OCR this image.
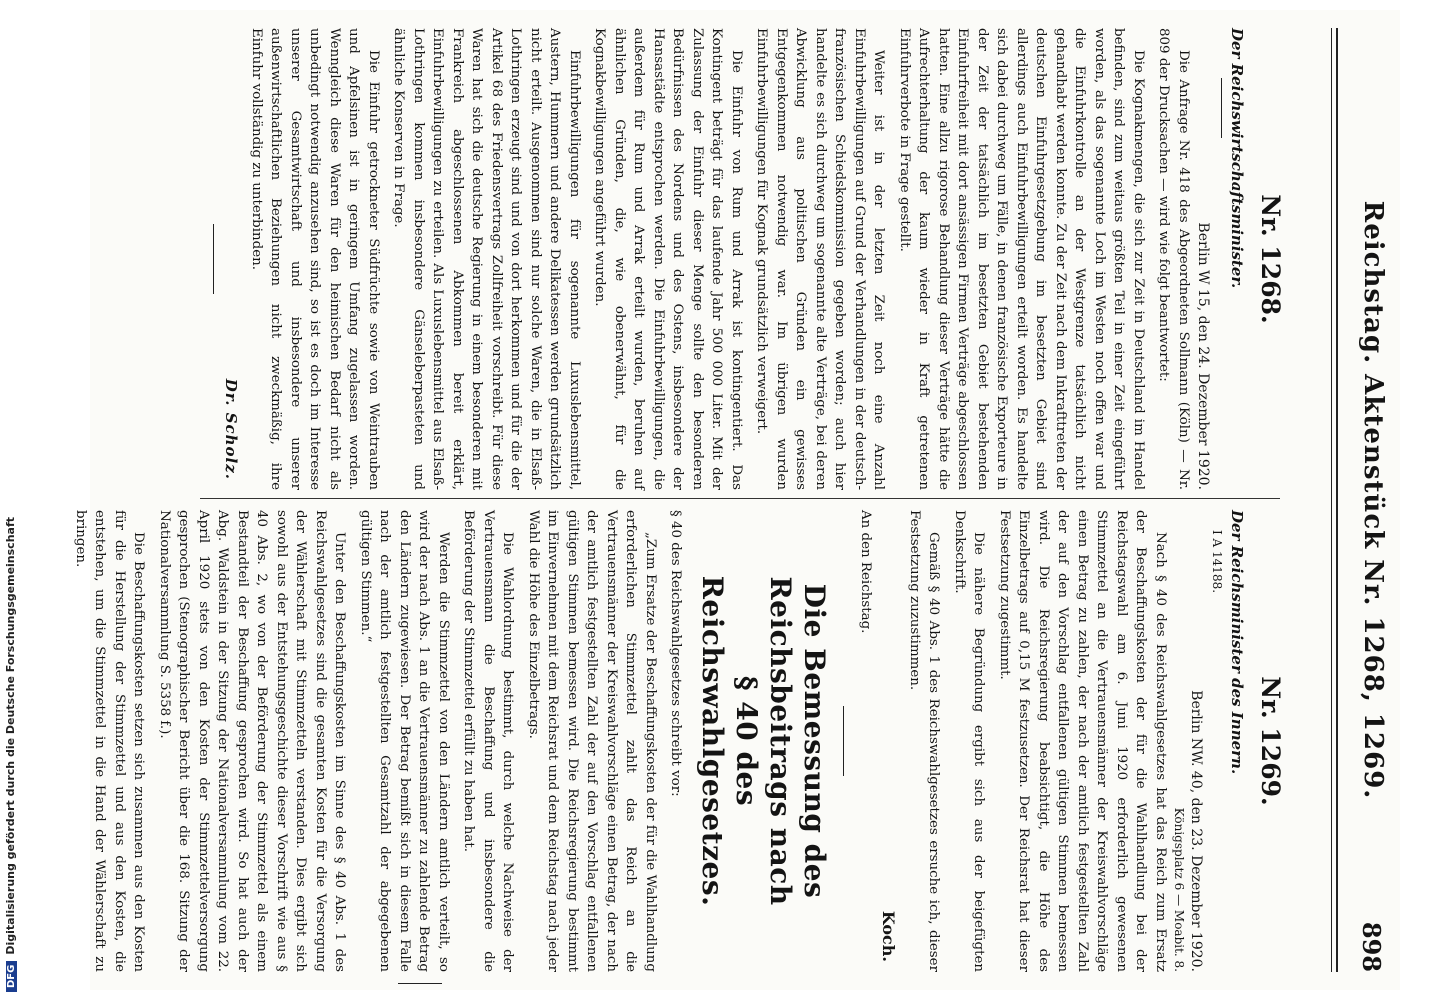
DFGDigitalisierung gefördert durch die Deutsche Forschungsgemeinschaft	Reichstag. Aktenstück Nr. 1268, 1269.
898
Nr. 1268.
Der Reichswirtschaftsminister.
Berlin W 15, den 24. Dezember 1920.

Die Anfrage Nr. 418 des Abgeordneten Sollmann (Köln) — Nr. 809 der Drucksachen — wird wie folgt beantwortet:

Die Kognakmengen, die sich zur Zeit in Deutschland im Handel befinden, sind zum weitaus größten Teil in einer Zeit eingeführt worden, als das sogenannte Loch im Westen noch offen war und die Einfuhrkontrolle an der Westgrenze tatsächlich nicht gehandhabt werden konnte. Zu der Zeit nach dem Inkrafttreten der deutschen Einfuhrgesetzgebung im besetzten Gebiet sind allerdings auch Einfuhrbewilligungen erteilt worden. Es handelte sich dabei durchweg um Fälle, in denen französische Exporteure in der Zeit der tatsächlich im besetzten Gebiet bestehenden Einfuhrfreiheit mit dort ansässigen Firmen Verträge abgeschlossen hatten. Eine allzu rigorose Behandlung dieser Verträge hätte die Aufrechterhaltung der kaum wieder in Kraft getretenen Einfuhrverbote in Frage gestellt.

Weiter ist in der letzten Zeit noch eine Anzahl Einfuhrbewilligungen auf Grund der Verhandlungen in der deutsch-französischen Schiedskommission gegeben worden; auch hier handelte es sich durchweg um sogenannte alte Verträge, bei deren Abwicklung aus politischen Gründen ein gewisses Entgegenkommen notwendig war. Im übrigen wurden Einfuhrbewilligungen für Kognak grundsätzlich verweigert.

Die Einfuhr von Rum und Arrak ist kontingentiert. Das Kontingent beträgt für das laufende Jahr 500 000 Liter. Mit der Zulassung der Einfuhr dieser Menge sollte den besonderen Bedürfnissen des Nordens und des Ostens, insbesondere der Hansastädte entsprochen werden. Die Einfuhrbewilligungen, die außerdem für Rum und Arrak erteilt wurden, beruhen auf ähnlichen Gründen, die, wie obenerwähnt, für die Kognakbewilligungen angeführt wurden.

Einfuhrbewilligungen für sogenannte Luxuslebensmittel, Austern, Hummern und andere Delikatessen werden grundsätzlich nicht erteilt. Ausgenommen sind nur solche Waren, die in Elsaß-Lothringen erzeugt sind und von dort herkommen und für die der Artikel 68 des Friedensvertrags Zollfreiheit vorschreibt. Für diese Waren hat sich die deutsche Regierung in einem besonderen mit Frankreich abgeschlossenen Abkommen bereit erklärt, Einfuhrbewilligungen zu erteilen. Als Luxuslebensmittel aus Elsaß-Lothringen kommen insbesondere Gänseleberpasteten und ähnliche Konserven in Frage.

Die Einfuhr getrockneter Südfrüchte sowie von Weintrauben und Apfelsinen ist in geringem Umfang zugelassen worden. Wenngleich diese Waren für den heimischen Bedarf nicht als unbedingt notwendig anzusehen sind, so ist es doch im Interesse unserer Gesamtwirtschaft und insbesondere unserer außenwirtschaftlichen Beziehungen nicht zweckmäßig, ihre Einfuhr vollständig zu unterbinden.

Dr. Scholz.
Nr. 1269.
Der Reichsminister des Innern.
I A 14188.
Berlin NW. 40, den 23. Dezember 1920.
Königsplatz 6 — Moabit. 8.

Nach § 40 des Reichswahlgesetzes hat das Reich zum Ersatz der Beschaffungskosten der für die Wahlhandlung bei der Reichstagswahl am 6. Juni 1920 erforderlich gewesenen Stimmzettel an die Vertrauensmänner der Kreiswahlvorschläge einen Betrag zu zahlen, der nach der amtlich festgestellten Zahl der auf den Vorschlag entfallenen gültigen Stimmen bemessen wird. Die Reichsregierung beabsichtigt, die Höhe des Einzelbetrags auf 0,15 M festzusetzen. Der Reichsrat hat dieser Festsetzung zugestimmt.

Die nähere Begründung ergibt sich aus der beigefügten Denkschrift.

Gemäß § 40 Abs. 1 des Reichswahlgesetzes ersuche ich, dieser Festsetzung zuzustimmen.

Koch.
An den Reichstag.
Die Bemessung des Reichsbeitrags nach
§ 40 des Reichswahlgesetzes.

§ 40 des Reichswahlgesetzes schreibt vor:

„Zum Ersatze der Beschaffungskosten der für die Wahlhandlung erforderlichen Stimmzettel zahlt das Reich an die Vertrauensmänner der Kreiswahlvorschläge einen Betrag, der nach der amtlich festgestellten Zahl der auf den Vorschlag entfallenen gültigen Stimmen bemessen wird. Die Reichsregierung bestimmt im Einvernehmen mit dem Reichsrat und dem Reichstag nach jeder Wahl die Höhe des Einzelbetrags.

Die Wahlordnung bestimmt, durch welche Nachweise der Vertrauensmann die Beschaffung und insbesondere die Beförderung der Stimmzettel erfüllt zu haben hat.

Werden die Stimmzettel von den Ländern amtlich verteilt, so wird der nach Abs. 1 an die Vertrauensmänner zu zahlende Betrag den Ländern zugewiesen. Der Betrag bemißt sich in diesem Falle nach der amtlich festgestellten Gesamtzahl der abgegebenen gültigen Stimmen.“

Unter den Beschaffungskosten im Sinne des § 40 Abs. 1 des Reichswahlgesetzes sind die gesamten Kosten für die Versorgung der Wählerschaft mit Stimmzetteln verstanden. Dies ergibt sich sowohl aus der Entstehungsgeschichte dieser Vorschrift wie aus § 40 Abs. 2, wo von der Beförderung der Stimmzettel als einem Bestandteil der Beschaffung gesprochen wird. So hat auch der Abg. Waldstein in der Sitzung der Nationalversammlung vom 22. April 1920 stets von den Kosten der Stimmzettelversorgung gesprochen (Stenographischer Bericht über die 168. Sitzung der Nationalversammlung S. 5358 f.).

Die Beschaffungskosten setzen sich zusammen aus den Kosten für die Herstellung der Stimmzettel und aus den Kosten, die entstehen, um die Stimmzettel in die Hand der Wählerschaft zu bringen.
